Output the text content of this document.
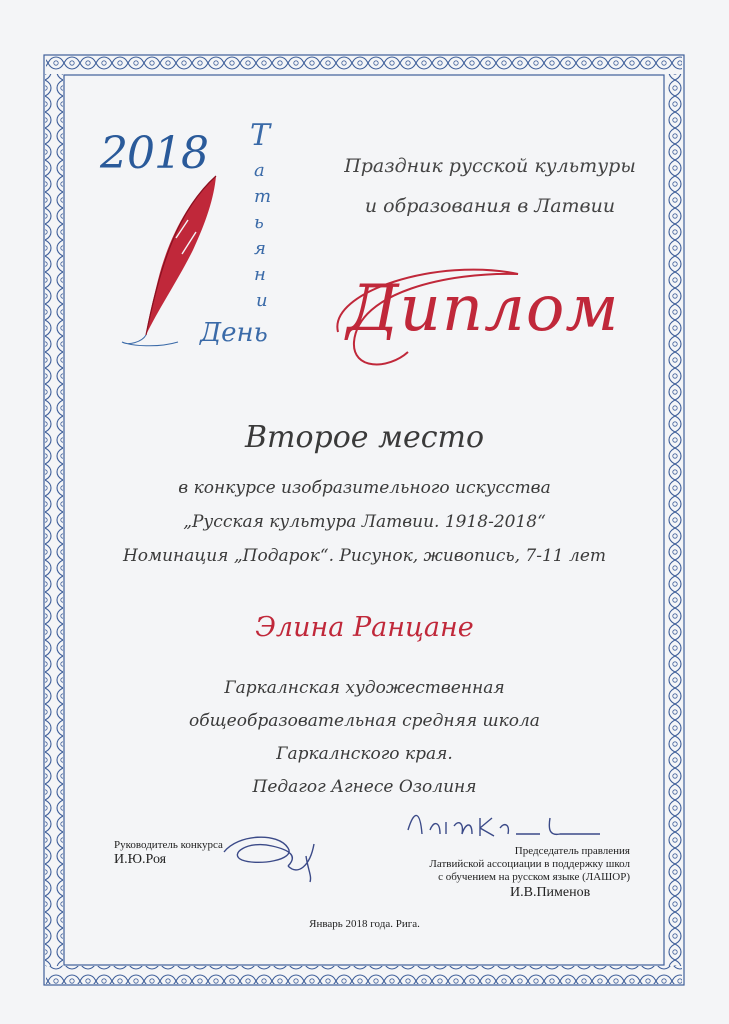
2018	Т
а
т
ь
я
н
и
День
Праздник русской культуры
и образования в Латвии
Диплом
Второе место
в конкурсе изобразительного искусства
„Русская культура Латвии. 1918-2018“
Номинация „Подарок“. Рисунок, живопись, 7-11 лет
Элина Ранцане
Гаркалнская художественная
общеобразовательная средняя школа
Гаркалнского края.
Педагог Агнесе Озолиня
Руководитель конкурса
И.Ю.Роя
Председатель правления
Латвийской ассоциации в поддержку школ
с обучением на русском языке (ЛАШОР)
И.В.Пименов
Январь 2018 года. Рига.
